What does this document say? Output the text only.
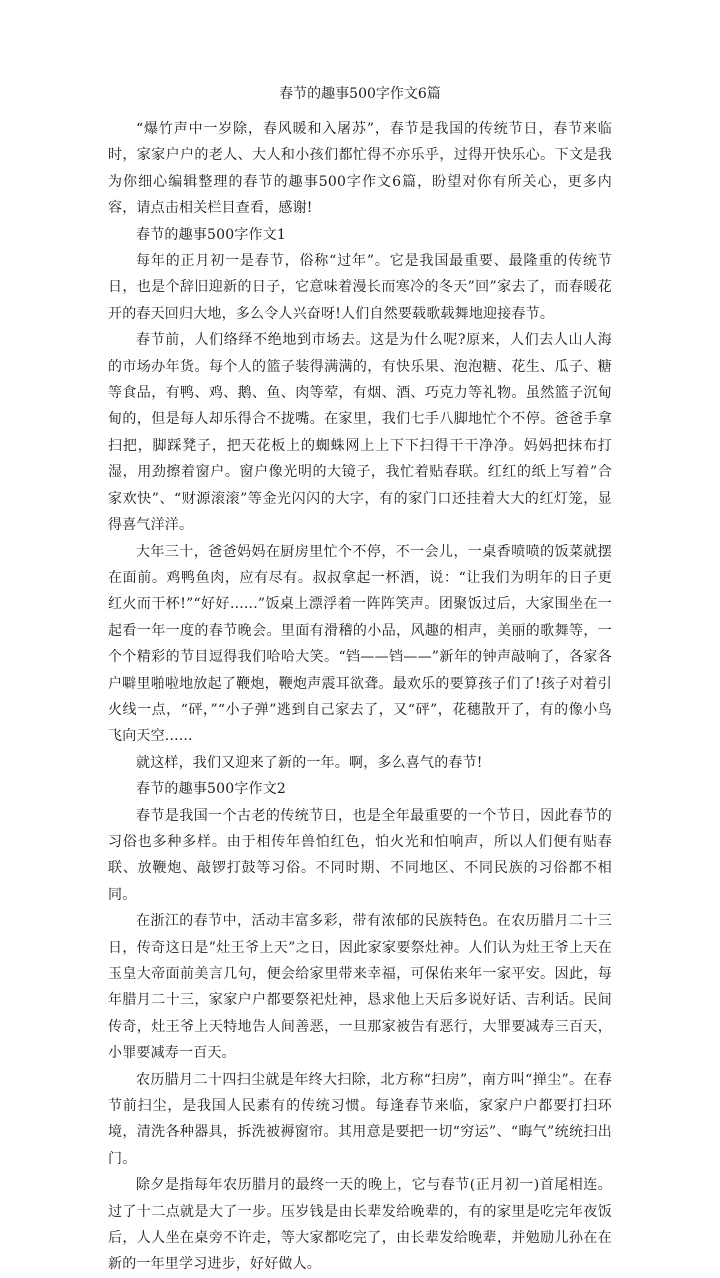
春节的趣事500字作文6篇

“爆竹声中一岁除，春风暖和入屠苏”，春节是我国的传统节日，春节来临时，家家户户的老人、大人和小孩们都忙得不亦乐乎，过得开快乐心。下文是我为你细心编辑整理的春节的趣事500字作文6篇，盼望对你有所关心，更多内容，请点击相关栏目查看，感谢!

春节的趣事500字作文1

每年的正月初一是春节，俗称“过年”。它是我国最重要、最隆重的传统节日，也是个辞旧迎新的日子，它意味着漫长而寒冷的冬天”回”家去了，而春暖花开的春天回归大地，多么令人兴奋呀!人们自然要载歌载舞地迎接春节。

春节前，人们络绎不绝地到市场去。这是为什么呢?原来，人们去人山人海的市场办年货。每个人的篮子装得满满的，有快乐果、泡泡糖、花生、瓜子、糖等食品，有鸭、鸡、鹅、鱼、肉等荤，有烟、酒、巧克力等礼物。虽然篮子沉甸甸的，但是每人却乐得合不拢嘴。在家里，我们七手八脚地忙个不停。爸爸手拿扫把，脚踩凳子，把天花板上的蜘蛛网上上下下扫得干干净净。妈妈把抹布打湿，用劲擦着窗户。窗户像光明的大镜子，我忙着贴春联。红红的纸上写着”合家欢快”、“财源滚滚”等金光闪闪的大字，有的家门口还挂着大大的红灯笼，显得喜气洋洋。

大年三十，爸爸妈妈在厨房里忙个不停，不一会儿，一桌香喷喷的饭菜就摆在面前。鸡鸭鱼肉，应有尽有。叔叔拿起一杯酒，说：“让我们为明年的日子更红火而干杯!”“好好......”饭桌上漂浮着一阵阵笑声。团聚饭过后，大家围坐在一起看一年一度的春节晚会。里面有滑稽的小品，风趣的相声，美丽的歌舞等，一个个精彩的节目逗得我们哈哈大笑。“铛——铛——”新年的钟声敲响了，各家各户噼里啪啦地放起了鞭炮，鞭炮声震耳欲聋。最欢乐的要算孩子们了!孩子对着引火线一点，“砰，”“小子弹”逃到自己家去了，又“砰”，花穗散开了，有的像小鸟飞向天空......

就这样，我们又迎来了新的一年。啊，多么喜气的春节!

春节的趣事500字作文2

春节是我国一个古老的传统节日，也是全年最重要的一个节日，因此春节的习俗也多种多样。由于相传年兽怕红色，怕火光和怕响声，所以人们便有贴春联、放鞭炮、敲锣打鼓等习俗。不同时期、不同地区、不同民族的习俗都不相同。

在浙江的春节中，活动丰富多彩，带有浓郁的民族特色。在农历腊月二十三日，传奇这日是”灶王爷上天”之日，因此家家要祭灶神。人们认为灶王爷上天在玉皇大帝面前美言几句，便会给家里带来幸福，可保佑来年一家平安。因此，每年腊月二十三，家家户户都要祭祀灶神，恳求他上天后多说好话、吉利话。民间传奇，灶王爷上天特地告人间善恶，一旦那家被告有恶行，大罪要减寿三百天，小罪要减寿一百天。

农历腊月二十四扫尘就是年终大扫除，北方称“扫房”，南方叫“掸尘”。在春节前扫尘，是我国人民素有的传统习惯。每逢春节来临，家家户户都要打扫环境，清洗各种器具，拆洗被褥窗帘。其用意是要把一切“穷运”、“晦气”统统扫出门。

除夕是指每年农历腊月的最终一天的晚上，它与春节(正月初一)首尾相连。过了十二点就是大了一步。压岁钱是由长辈发给晚辈的，有的家里是吃完年夜饭后，人人坐在桌旁不许走，等大家都吃完了，由长辈发给晚辈，并勉励儿孙在在新的一年里学习进步，好好做人。
